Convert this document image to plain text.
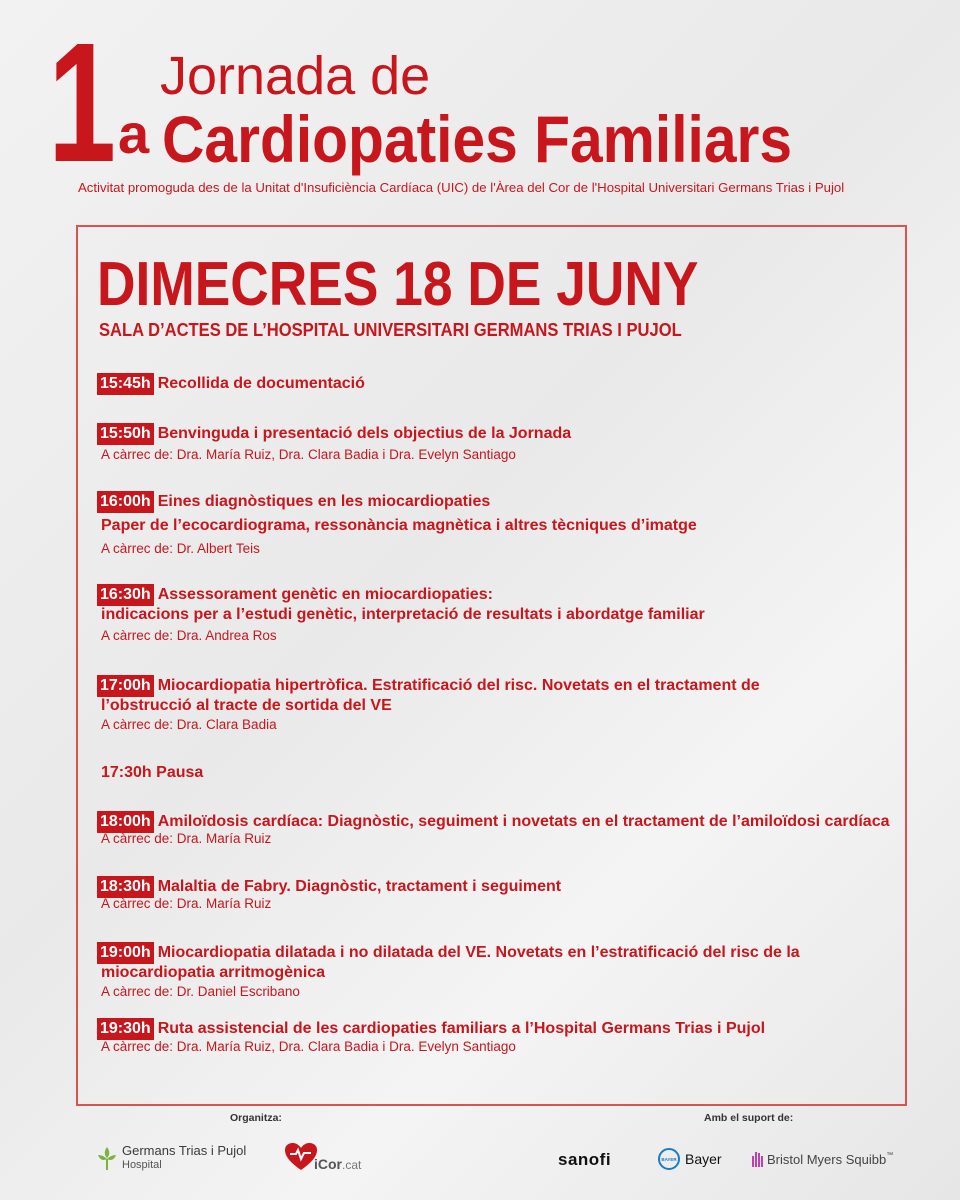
1 a
Jornada de
Cardiopaties Familiars
Activitat promoguda des de la Unitat d'Insuficiència Cardíaca (UIC) de l'Àrea del Cor de l'Hospital Universitari Germans Trias i Pujol
DIMECRES 18 DE JUNY
SALA D’ACTES DE L’HOSPITAL UNIVERSITARI GERMANS TRIAS I PUJOL
15:45h Recollida de documentació
15:50h Benvinguda i presentació dels objectius de la Jornada
A càrrec de: Dra. María Ruiz, Dra. Clara Badia i Dra. Evelyn Santiago
16:00h Eines diagnòstiques en les miocardiopaties
Paper de l’ecocardiograma, ressonància magnètica i altres tècniques d’imatge
A càrrec de: Dr. Albert Teis
16:30h Assessorament genètic en miocardiopaties:
indicacions per a l’estudi genètic, interpretació de resultats i abordatge familiar
A càrrec de: Dra. Andrea Ros
17:00h Miocardiopatia hipertròfica. Estratificació del risc. Novetats en el tractament de
l’obstrucció al tracte de sortida del VE
A càrrec de: Dra. Clara Badia
17:30h Pausa
18:00h Amiloïdosis cardíaca: Diagnòstic, seguiment i novetats en el tractament de l’amiloïdosi cardíaca
A càrrec de: Dra. María Ruiz
18:30h Malaltia de Fabry. Diagnòstic, tractament i seguiment
A càrrec de: Dra. María Ruiz
19:00h Miocardiopatia dilatada i no dilatada del VE. Novetats en l’estratificació del risc de la
miocardiopatia arritmogènica
A càrrec de: Dr. Daniel Escribano
19:30h Ruta assistencial de les cardiopaties familiars a l’Hospital Germans Trias i Pujol
A càrrec de: Dra. María Ruiz, Dra. Clara Badia i Dra. Evelyn Santiago
Organitza:	Amb el suport de:
Germans Trias i Pujol
Hospital	iCor .cat	sanofi	BAYER Bayer	Bristol Myers Squibb ™
